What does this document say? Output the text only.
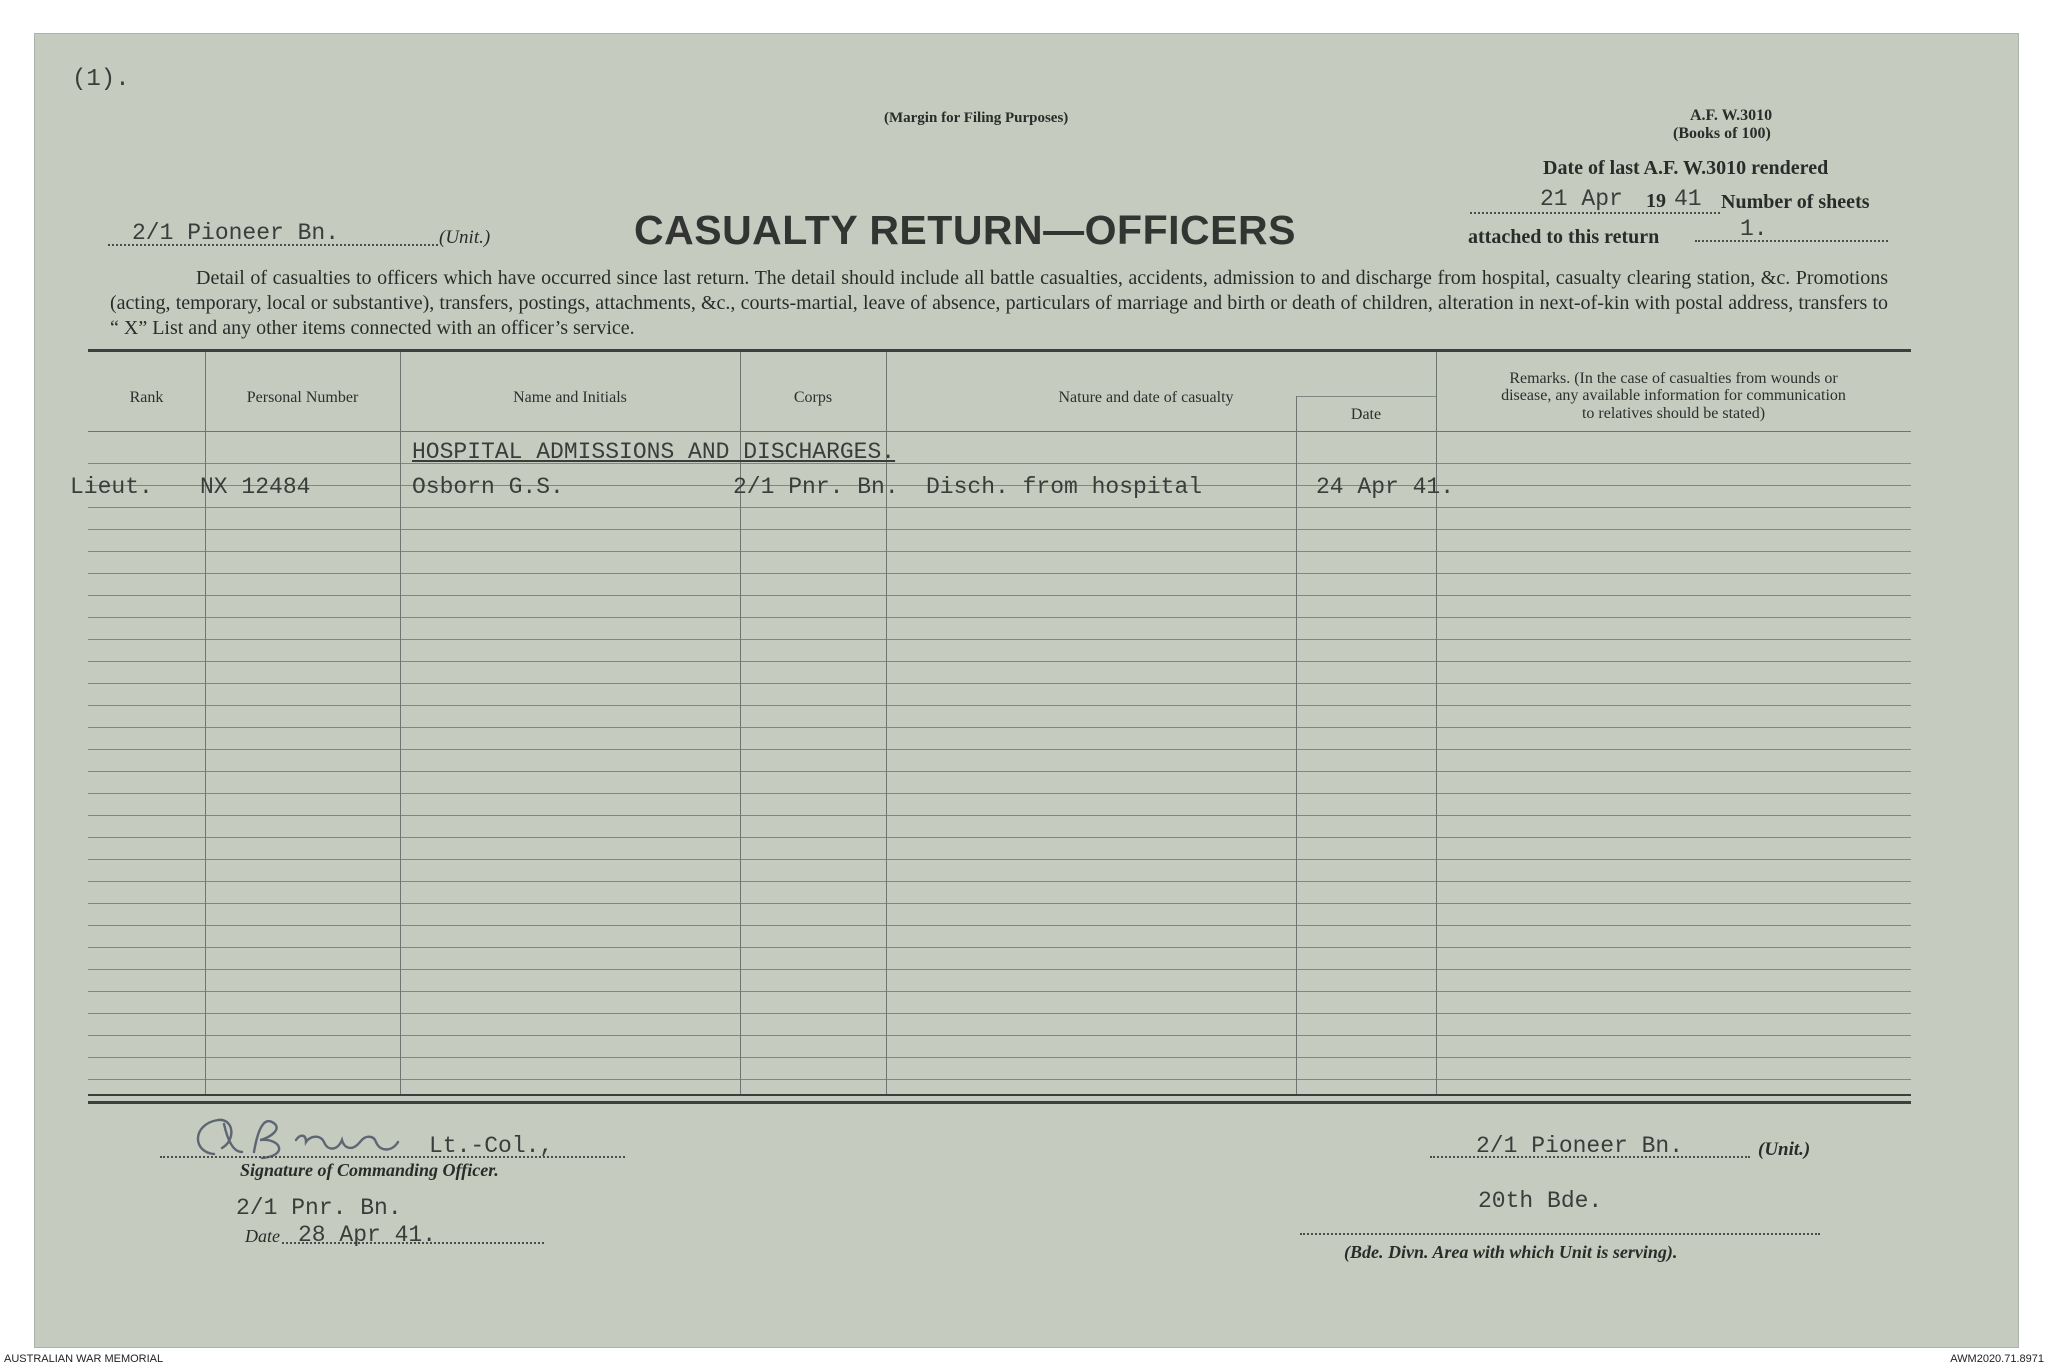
(1).
(Margin for Filing Purposes)	A.F. W.3010
(Books of 100)
Date of last A.F. W.3010 rendered
21 Apr 19 41 Number of sheets
attached to this return	1.
2/1 Pioneer Bn.	(Unit.)	CASUALTY RETURN—OFFICERS
Detail of casualties to officers which have occurred since last return. The detail should include all battle casualties, accidents, admission to and discharge from hospital, casualty clearing station, &c. Promotions (acting, temporary, local or substantive), transfers, postings, attachments, &c., courts-martial, leave of absence, particulars of marriage and birth or death of children, alteration in next-of-kin with postal address, transfers to “ X” List and any other items connected with an officer’s service.
Rank	Personal Number	Name and Initials	Corps	Nature and date of casualty
Date
Remarks. (In the case of casualties from wounds or
disease, any available information for communication
to relatives should be stated)
HOSPITAL ADMISSIONS AND DISCHARGES.
Lieut. NX 12484	Osborn G.S.	2/1 Pnr. Bn. Disch. from hospital	24 Apr 41.
Lt.-Col.,
Signature of Commanding Officer.
2/1 Pnr. Bn.
Date 28 Apr 41.
2/1 Pioneer Bn.	(Unit.)
20th Bde.
(Bde. Divn. Area with which Unit is serving).
AUSTRALIAN WAR MEMORIAL	AWM2020.71.8971
